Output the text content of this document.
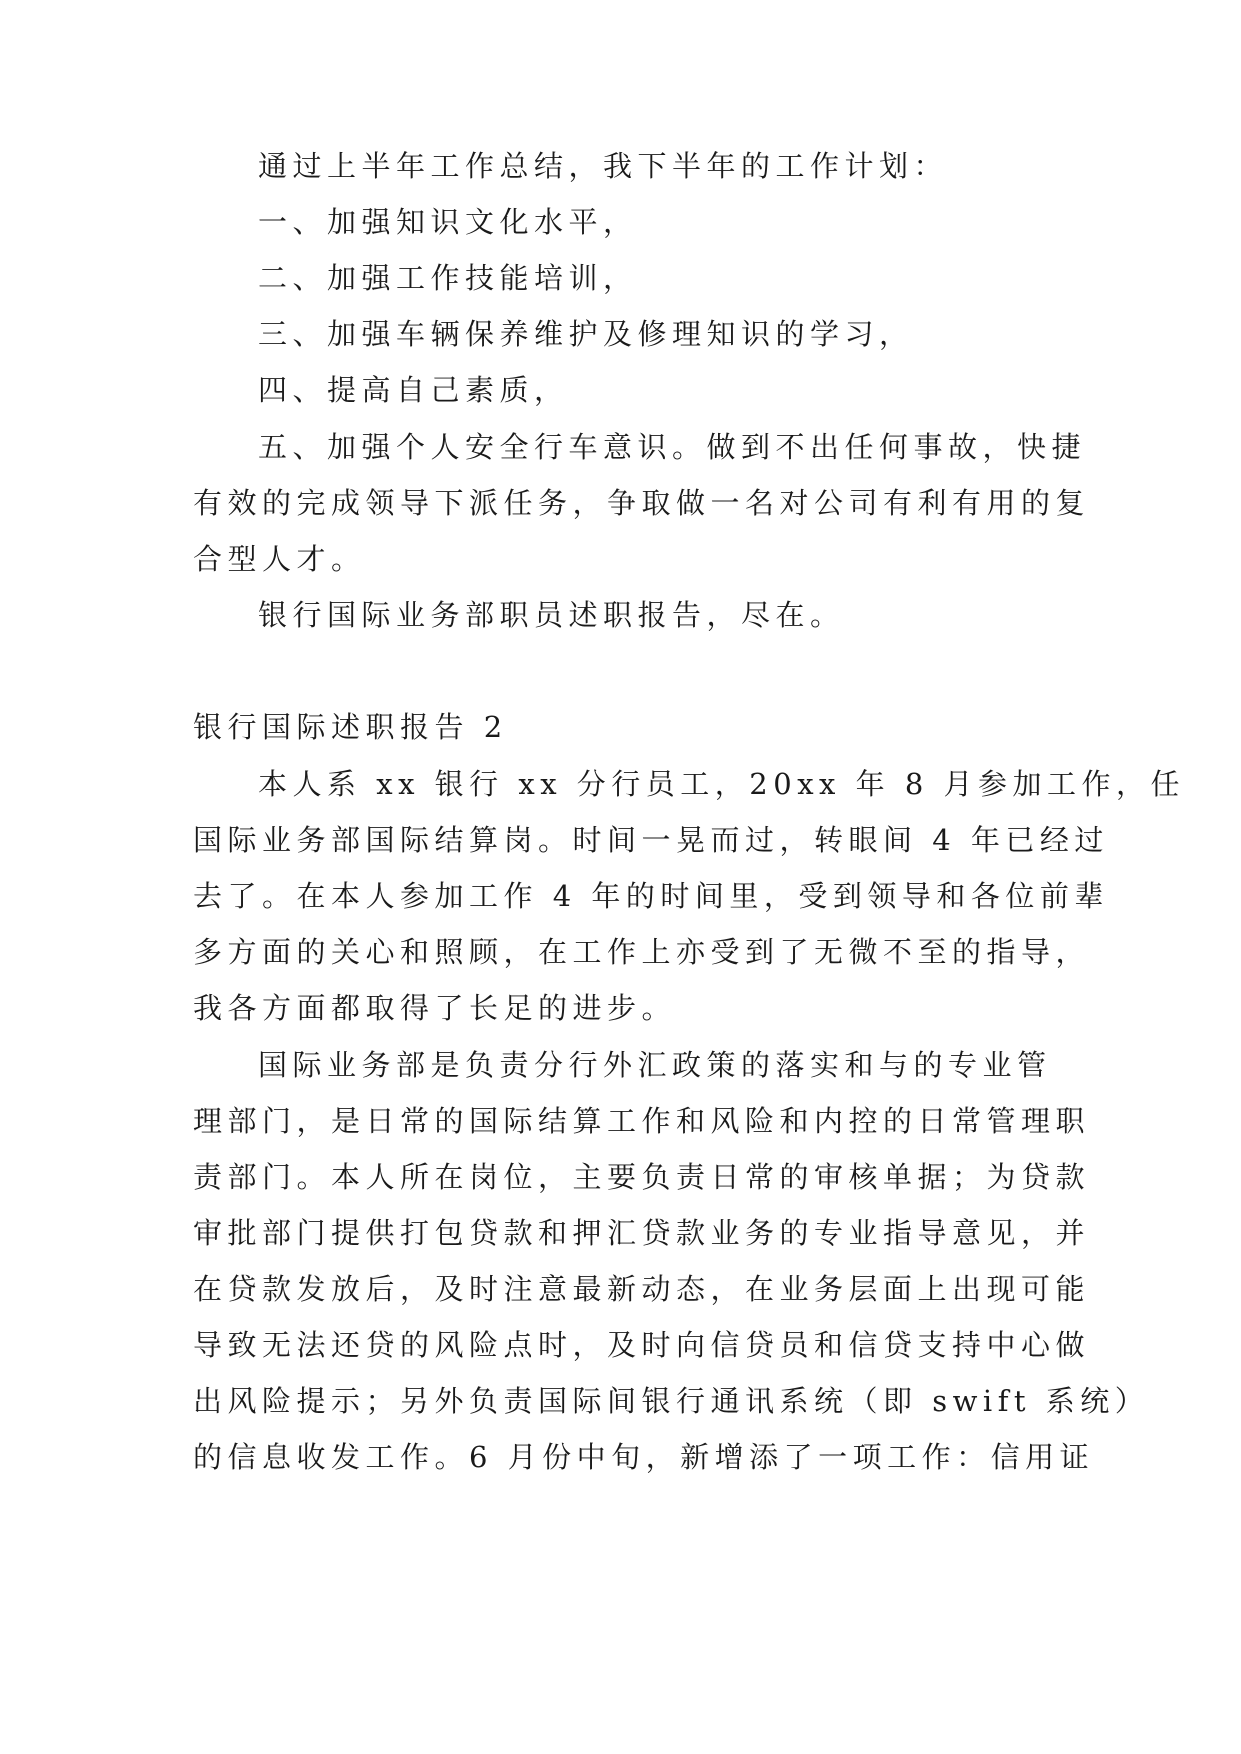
通过上半年工作总结，我下半年的工作计划：

一、加强知识文化水平，

二、加强工作技能培训，

三、加强车辆保养维护及修理知识的学习，

四、提高自己素质，

五、加强个人安全行车意识。做到不出任何事故，快捷

有效的完成领导下派任务，争取做一名对公司有利有用的复

合型人才。

银行国际业务部职员述职报告，尽在。

银行国际述职报告 2

本人系 xx 银行 xx 分行员工，20xx 年 8 月参加工作，任

国际业务部国际结算岗。时间一晃而过，转眼间 4 年已经过

去了。在本人参加工作 4 年的时间里，受到领导和各位前辈

多方面的关心和照顾，在工作上亦受到了无微不至的指导，

我各方面都取得了长足的进步。

国际业务部是负责分行外汇政策的落实和与的专业管

理部门，是日常的国际结算工作和风险和内控的日常管理职

责部门。本人所在岗位，主要负责日常的审核单据；为贷款

审批部门提供打包贷款和押汇贷款业务的专业指导意见，并

在贷款发放后，及时注意最新动态，在业务层面上出现可能

导致无法还贷的风险点时，及时向信贷员和信贷支持中心做

出风险提示；另外负责国际间银行通讯系统（即 swift 系统）

的信息收发工作。6 月份中旬，新增添了一项工作：信用证
